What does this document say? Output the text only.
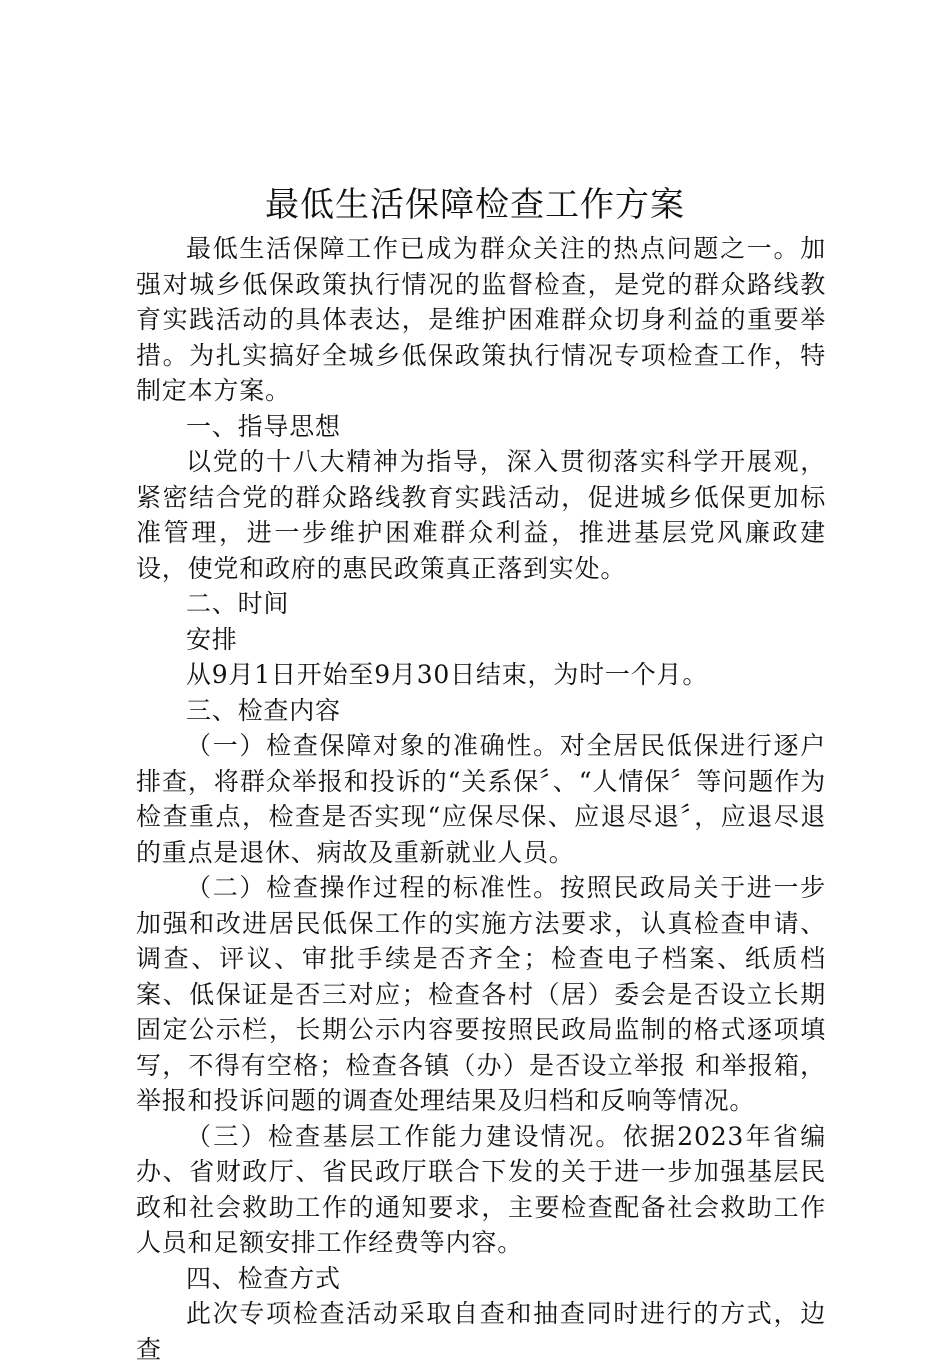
最低生活保障检查工作方案

最低生活保障工作已成为群众关注的热点问题之一。加强对城乡低保政策执行情况的监督检查，是党的群众路线教育实践活动的具体表达，是维护困难群众切身利益的重要举措。为扎实搞好全城乡低保政策执行情况专项检查工作，特制定本方案。

一、指导思想

以党的十八大精神为指导，深入贯彻落实科学开展观，紧密结合党的群众路线教育实践活动，促进城乡低保更加标准管理，进一步维护困难群众利益，推进基层党风廉政建设，使党和政府的惠民政策真正落到实处。

二、时间

安排

从9月1日开始至9月30日结束，为时一个月。

三、检查内容

（一）检查保障对象的准确性。对全居民低保进行逐户排查，将群众举报和投诉的“关系保〞、“人情保〞等问题作为检查重点，检查是否实现“应保尽保、应退尽退〞，应退尽退的重点是退休、病故及重新就业人员。

（二）检查操作过程的标准性。按照民政局关于进一步加强和改进居民低保工作的实施方法要求，认真检查申请、调查、评议、审批手续是否齐全；检查电子档案、纸质档案、低保证是否三对应；检查各村（居）委会是否设立长期固定公示栏，长期公示内容要按照民政局监制的格式逐项填写，不得有空格；检查各镇（办）是否设立举报 和举报箱，举报和投诉问题的调查处理结果及归档和反响等情况。

（三）检查基层工作能力建设情况。依据2023年省编办、省财政厅、省民政厅联合下发的关于进一步加强基层民政和社会救助工作的通知要求，主要检查配备社会救助工作人员和足额安排工作经费等内容。

四、检查方式

此次专项检查活动采取自查和抽查同时进行的方式，边查
